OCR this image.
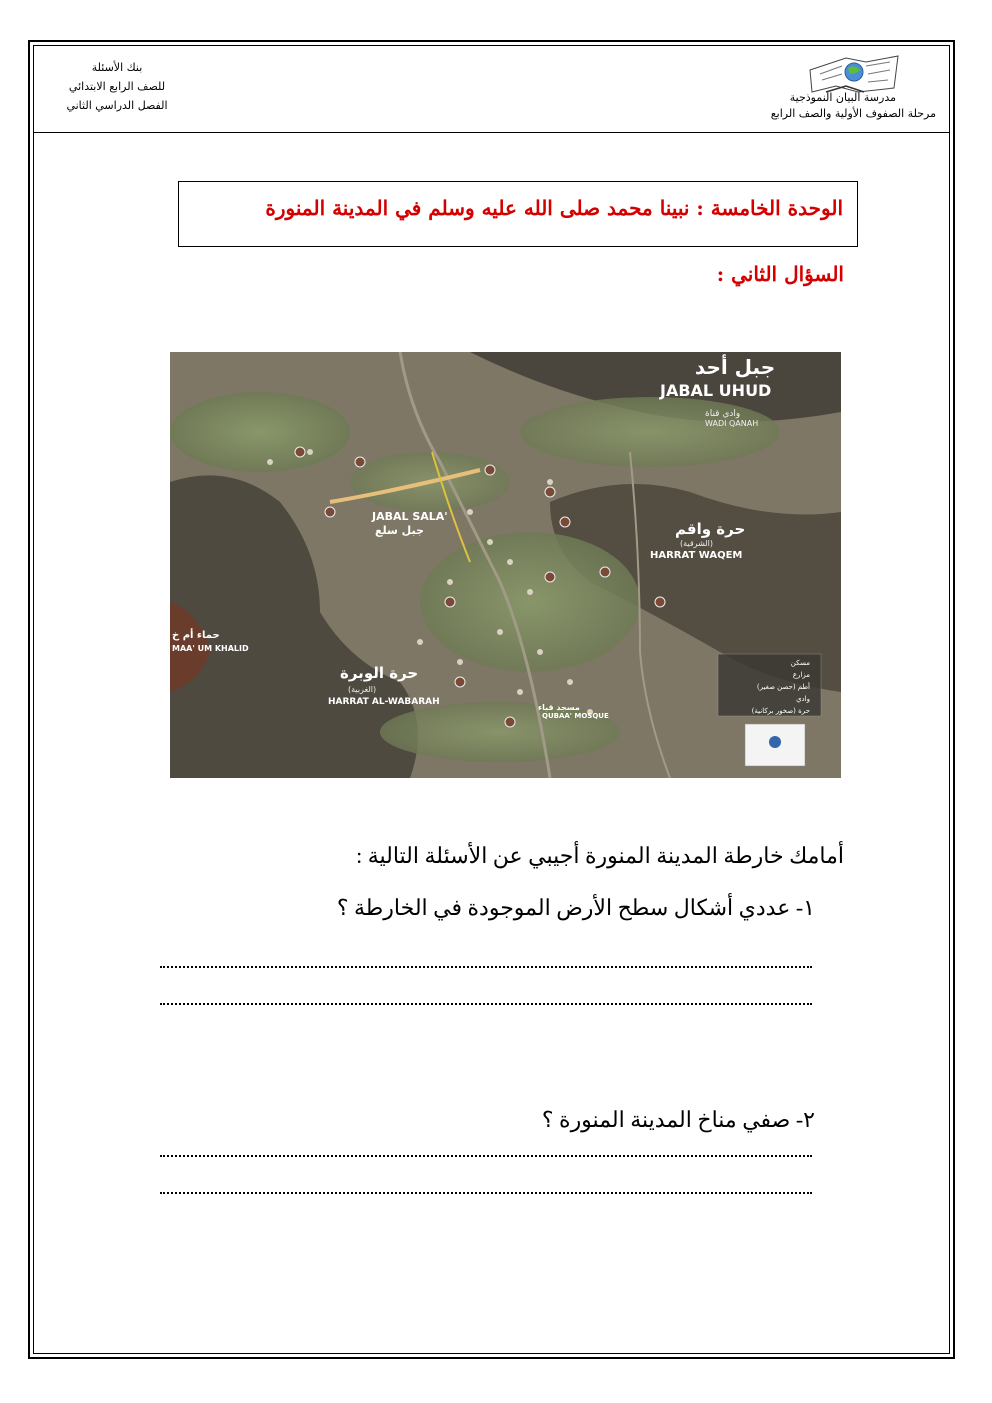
بنك الأسئلة
للصف الرابع الابتدائي
الفصل الدراسي الثاني
مدرسة البيان النموذجية
مرحلة الصفوف الأولية والصف الرابع
الوحدة الخامسة : نبينا محمد صلى الله عليه وسلم في المدينة المنورة
السؤال الثاني :
جبل أحد
JABAL UHUD
وادي قناة
WADI QANAH
JABAL SALA'
جبل سلع	حرة واقم
(الشرقية)
HARRAT WAQEM
حرة الوبرة
(الغربية)
HARRAT AL-WABARAH
حماء أم خ
MAA' UM KHALID
QUBAA' MOSQUE
مسجد قباء
مسكن
مزارع
أطم (حصن صغير)
وادي
حرة (صخور بركانية)
أمامك خارطة المدينة المنورة أجيبي عن الأسئلة التالية :
١- عددي أشكال سطح الأرض الموجودة في الخارطة ؟
٢- صفي مناخ المدينة المنورة ؟
